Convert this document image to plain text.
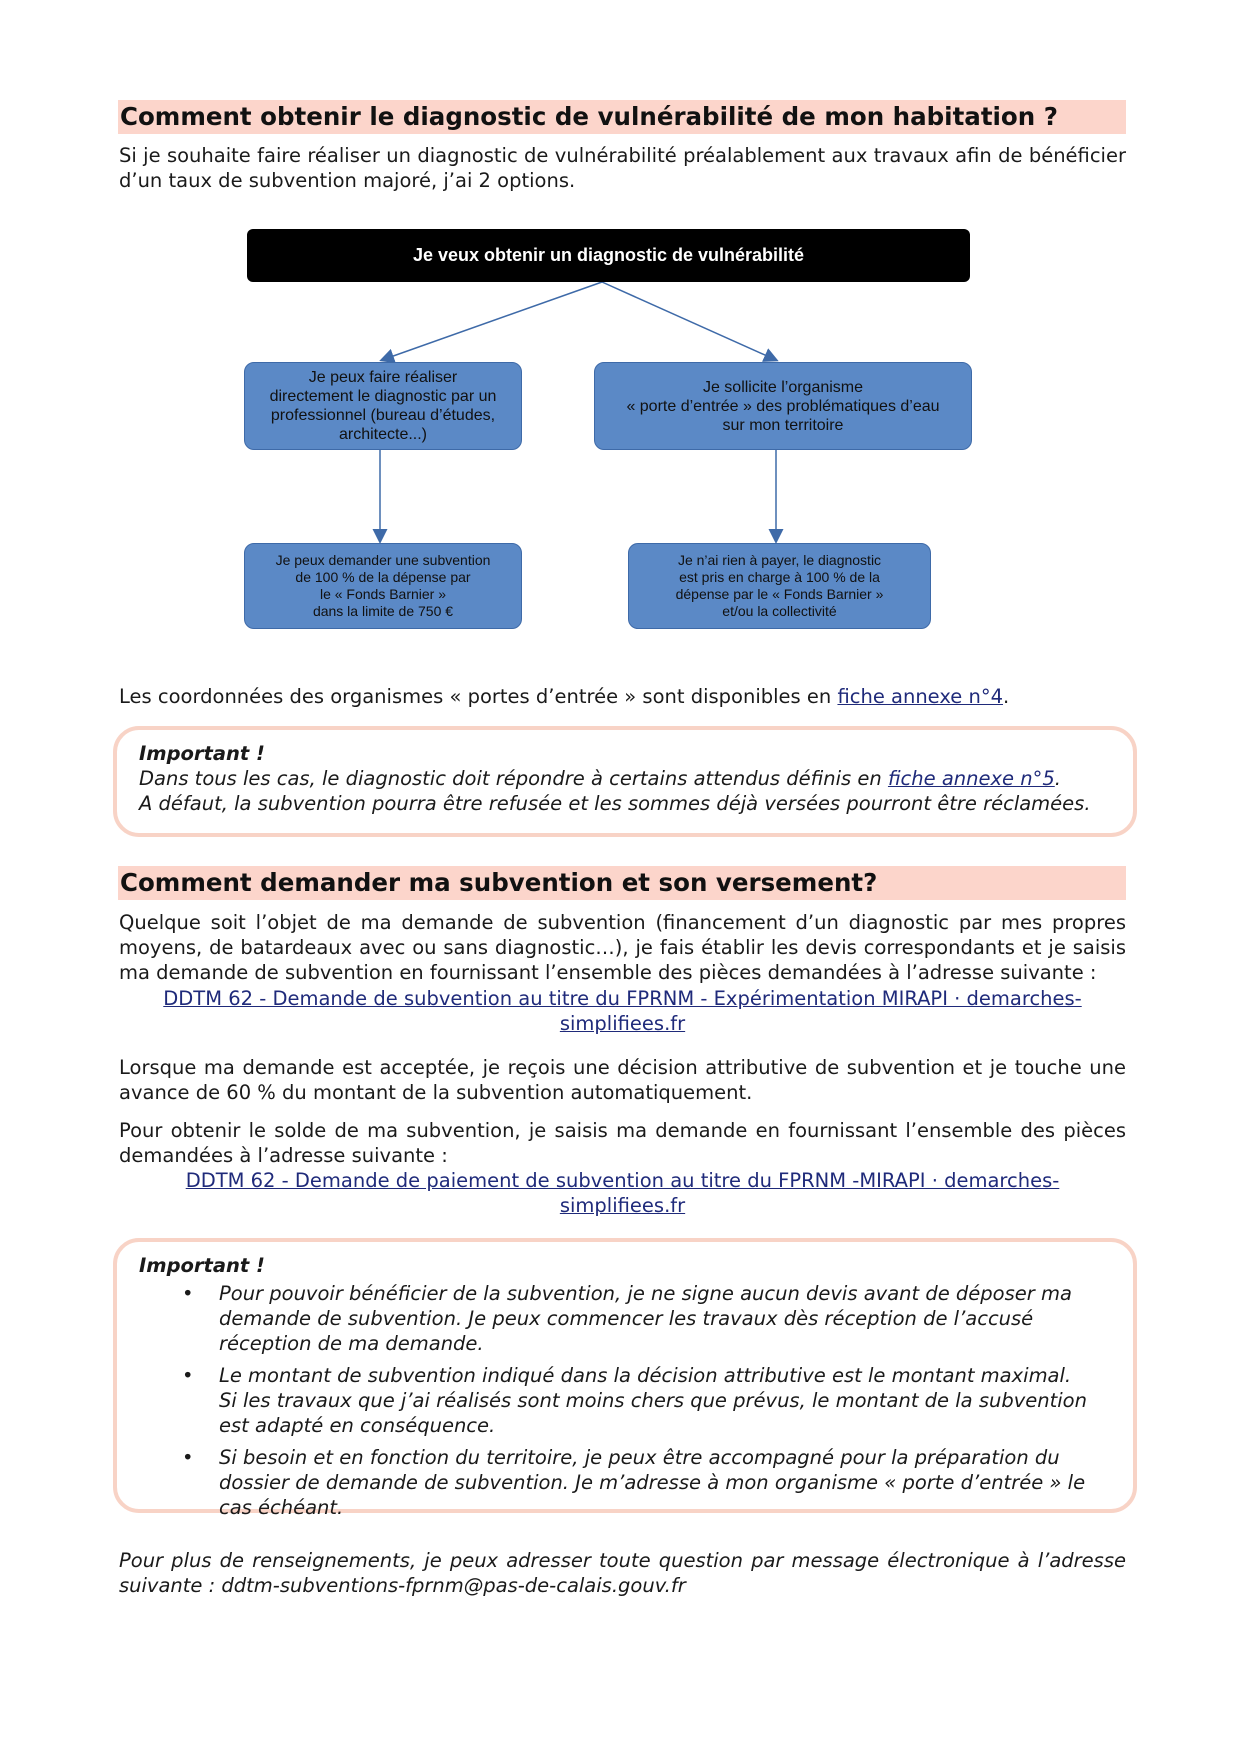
Comment obtenir le diagnostic de vulnérabilité de mon habitation ?
Si je souhaite faire réaliser un diagnostic de vulnérabilité préalablement aux travaux afin de bénéficier d’un taux de subvention majoré, j’ai 2 options.
Je veux obtenir un diagnostic de vulnérabilité
Je peux faire réaliser
directement le diagnostic par un
professionnel (bureau d’études,
architecte...)
Je sollicite l’organisme
« porte d’entrée » des problématiques d’eau
sur mon territoire
Je peux demander une subvention
de 100 % de la dépense par
le « Fonds Barnier »
dans la limite de 750 €
Je n’ai rien à payer, le diagnostic
est pris en charge à 100 % de la
dépense par le « Fonds Barnier »
et/ou la collectivité
Les coordonnées des organismes « portes d’entrée » sont disponibles en fiche annexe n°4.
Important !
Dans tous les cas, le diagnostic doit répondre à certains attendus définis en fiche annexe n°5.
A défaut, la subvention pourra être refusée et les sommes déjà versées pourront être réclamées.
Comment demander ma subvention et son versement?
Quelque soit l’objet de ma demande de subvention (financement d’un diagnostic par mes propres moyens, de batardeaux avec ou sans diagnostic…), je fais établir les devis correspondants et je saisis ma demande de subvention en fournissant l’ensemble des pièces demandées à l’adresse suivante :
DDTM 62 - Demande de subvention au titre du FPRNM - Expérimentation MIRAPI · demarches-
simplifiees.fr
Lorsque ma demande est acceptée, je reçois une décision attributive de subvention et je touche une avance de 60 % du montant de la subvention automatiquement.
Pour obtenir le solde de ma subvention, je saisis ma demande en fournissant l’ensemble des pièces demandées à l’adresse suivante :
DDTM 62 - Demande de paiement de subvention au titre du FPRNM -MIRAPI · demarches-
simplifiees.fr
Important !
• Pour pouvoir bénéficier de la subvention, je ne signe aucun devis avant de déposer ma demande de subvention. Je peux commencer les travaux dès réception de l’accusé réception de ma demande.
• Le montant de subvention indiqué dans la décision attributive est le montant maximal. Si les travaux que j’ai réalisés sont moins chers que prévus, le montant de la subvention est adapté en conséquence.
• Si besoin et en fonction du territoire, je peux être accompagné pour la préparation du dossier de demande de subvention. Je m’adresse à mon organisme « porte d’entrée » le cas échéant.
Pour plus de renseignements, je peux adresser toute question par message électronique à l’adresse suivante : ddtm-subventions-fprnm@pas-de-calais.gouv.fr
